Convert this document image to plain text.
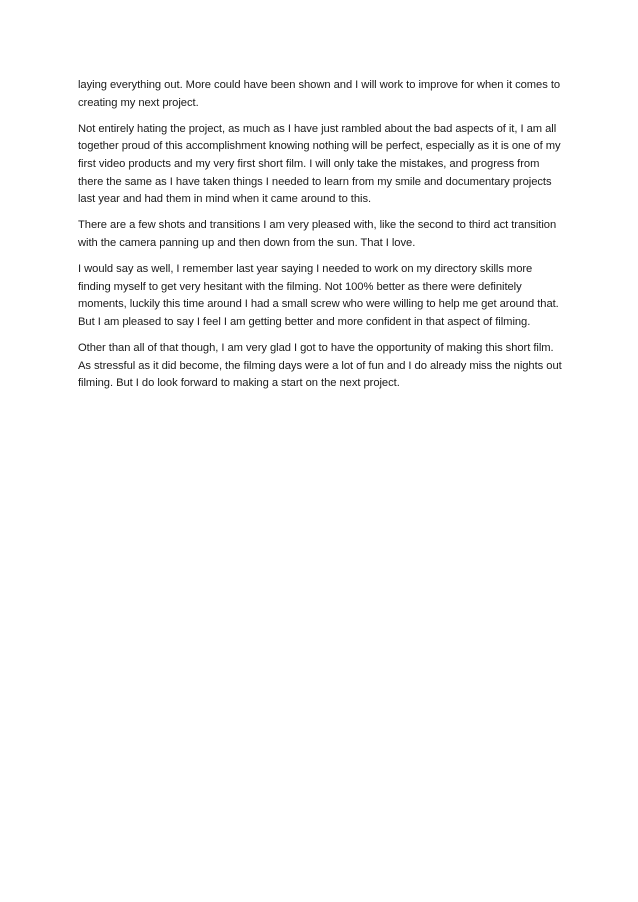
laying everything out. More could have been shown and I will work to improve for when it comes to creating my next project.

Not entirely hating the project, as much as I have just rambled about the bad aspects of it, I am all together proud of this accomplishment knowing nothing will be perfect, especially as it is one of my first video products and my very first short film. I will only take the mistakes, and progress from there the same as I have taken things I needed to learn from my smile and documentary projects last year and had them in mind when it came around to this.

There are a few shots and transitions I am very pleased with, like the second to third act transition with the camera panning up and then down from the sun. That I love.

I would say as well, I remember last year saying I needed to work on my directory skills more finding myself to get very hesitant with the filming. Not 100% better as there were definitely moments, luckily this time around I had a small screw who were willing to help me get around that. But I am pleased to say I feel I am getting better and more confident in that aspect of filming.

Other than all of that though, I am very glad I got to have the opportunity of making this short film. As stressful as it did become, the filming days were a lot of fun and I do already miss the nights out filming. But I do look forward to making a start on the next project.
